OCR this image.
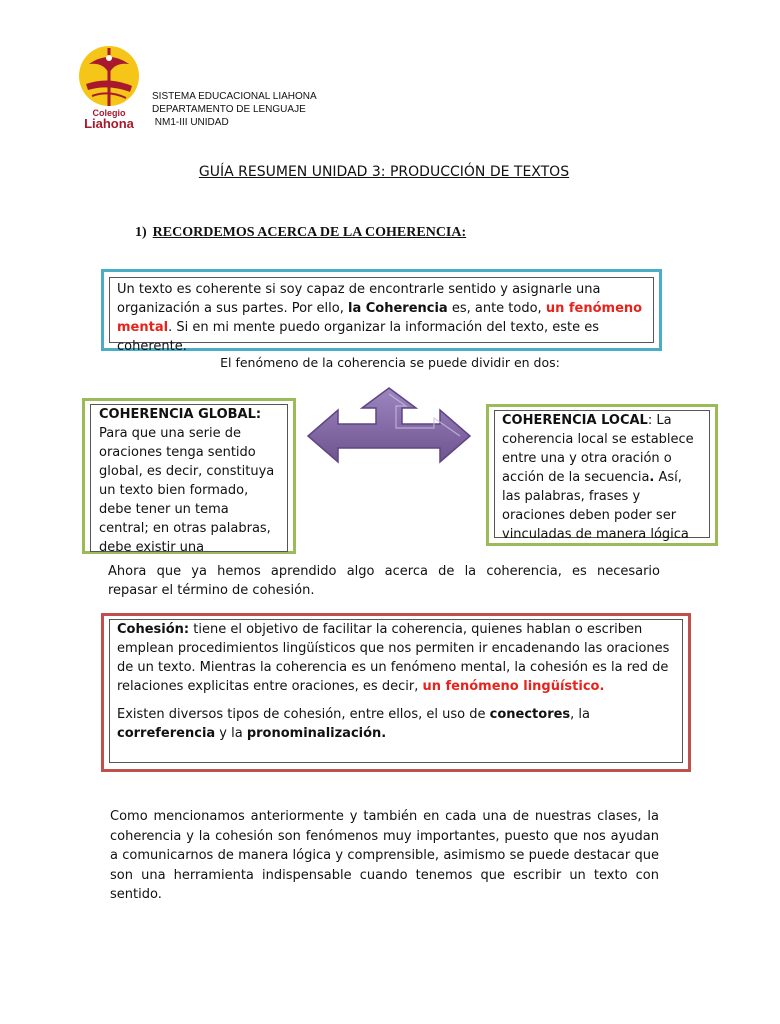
Colegio
Liahona
SISTEMA EDUCACIONAL LIAHONA
DEPARTAMENTO DE LENGUAJE
NM1-III UNIDAD
GUÍA RESUMEN UNIDAD 3: PRODUCCIÓN DE TEXTOS
1) RECORDEMOS ACERCA DE LA COHERENCIA:
Un texto es coherente si soy capaz de encontrarle sentido y asignarle una organización a sus partes. Por ello, la Coherencia es, ante todo, un fenómeno mental. Si en mi mente puedo organizar la información del texto, este es coherente.
El fenómeno de la coherencia se puede dividir en dos:
COHERENCIA GLOBAL:
Para que una serie de oraciones tenga sentido global, es decir, constituya un texto bien formado, debe tener un tema central; en otras palabras, debe existir una
COHERENCIA LOCAL: La coherencia local se establece entre una y otra oración o acción de la secuencia. Así, las palabras, frases y oraciones deben poder ser vinculadas de manera lógica
Ahora que ya hemos aprendido algo acerca de la coherencia, es necesario
repasar el término de cohesión.

Cohesión: tiene el objetivo de facilitar la coherencia, quienes hablan o escriben emplean procedimientos lingüísticos que nos permiten ir encadenando las oraciones de un texto. Mientras la coherencia es un fenómeno mental, la cohesión es la red de relaciones explicitas entre oraciones, es decir, un fenómeno lingüístico.

Existen diversos tipos de cohesión, entre ellos, el uso de conectores, la correferencia y la pronominalización.

Como mencionamos anteriormente y también en cada una de nuestras clases, la coherencia y la cohesión son fenómenos muy importantes, puesto que nos ayudan a comunicarnos de manera lógica y comprensible, asimismo se puede destacar que son una herramienta indispensable cuando tenemos que escribir un texto con sentido.
